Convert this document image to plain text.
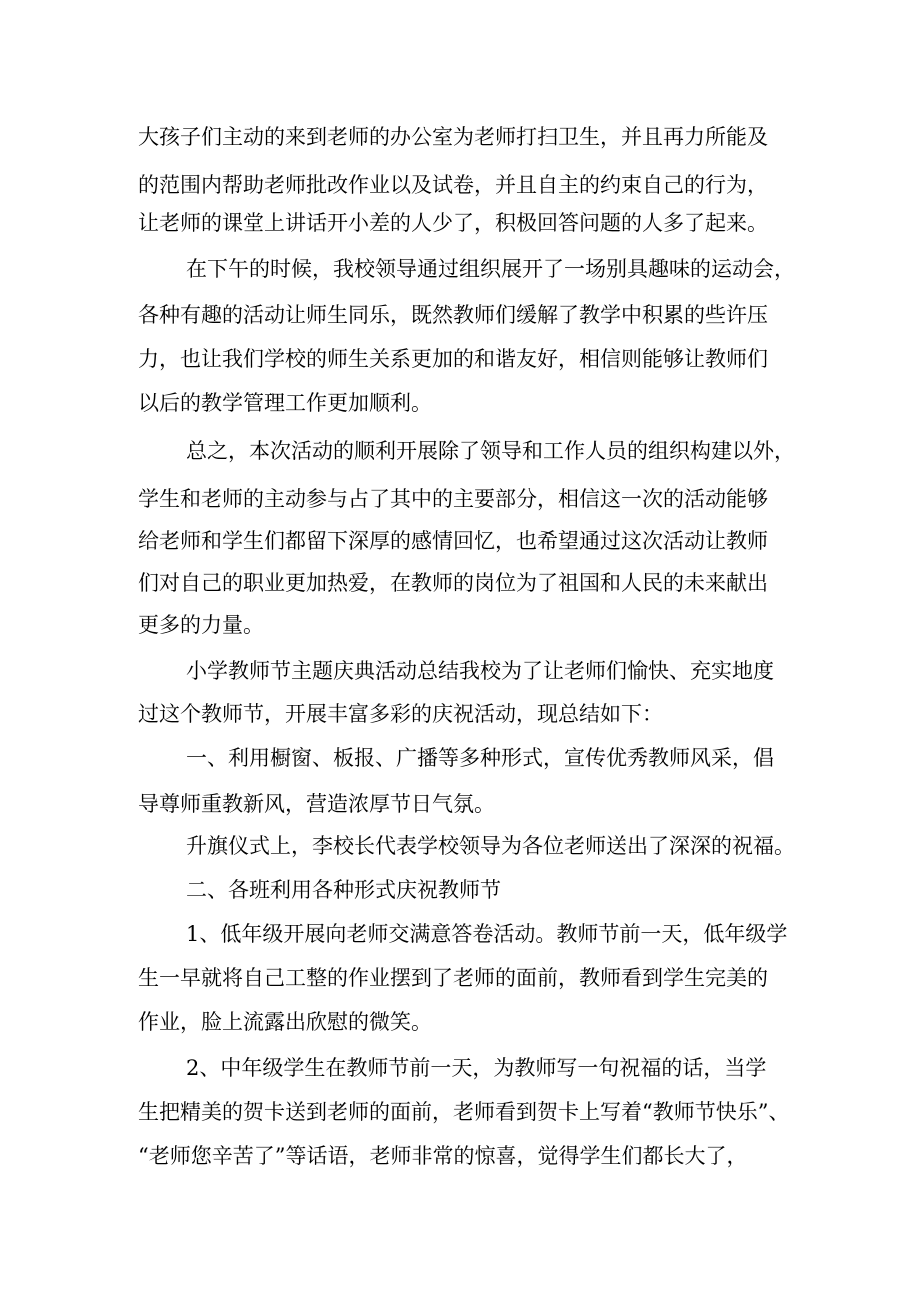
大孩子们主动的来到老师的办公室为老师打扫卫生，并且再力所能及
的范围内帮助老师批改作业以及试卷，并且自主的约束自己的行为，
让老师的课堂上讲话开小差的人少了，积极回答问题的人多了起来。
在下午的时候，我校领导通过组织展开了一场别具趣味的运动会，
各种有趣的活动让师生同乐，既然教师们缓解了教学中积累的些许压
力，也让我们学校的师生关系更加的和谐友好，相信则能够让教师们
以后的教学管理工作更加顺利。
总之，本次活动的顺利开展除了领导和工作人员的组织构建以外，
学生和老师的主动参与占了其中的主要部分，相信这一次的活动能够
给老师和学生们都留下深厚的感情回忆，也希望通过这次活动让教师
们对自己的职业更加热爱，在教师的岗位为了祖国和人民的未来献出
更多的力量。
小学教师节主题庆典活动总结我校为了让老师们愉快、充实地度
过这个教师节，开展丰富多彩的庆祝活动，现总结如下：
一、利用橱窗、板报、广播等多种形式，宣传优秀教师风采，倡
导尊师重教新风，营造浓厚节日气氛。
升旗仪式上，李校长代表学校领导为各位老师送出了深深的祝福。
二、各班利用各种形式庆祝教师节
1、低年级开展向老师交满意答卷活动。教师节前一天，低年级学
生一早就将自己工整的作业摆到了老师的面前，教师看到学生完美的
作业，脸上流露出欣慰的微笑。
2、中年级学生在教师节前一天，为教师写一句祝福的话，当学
生把精美的贺卡送到老师的面前，老师看到贺卡上写着“教师节快乐”、
“老师您辛苦了”等话语，老师非常的惊喜，觉得学生们都长大了，
